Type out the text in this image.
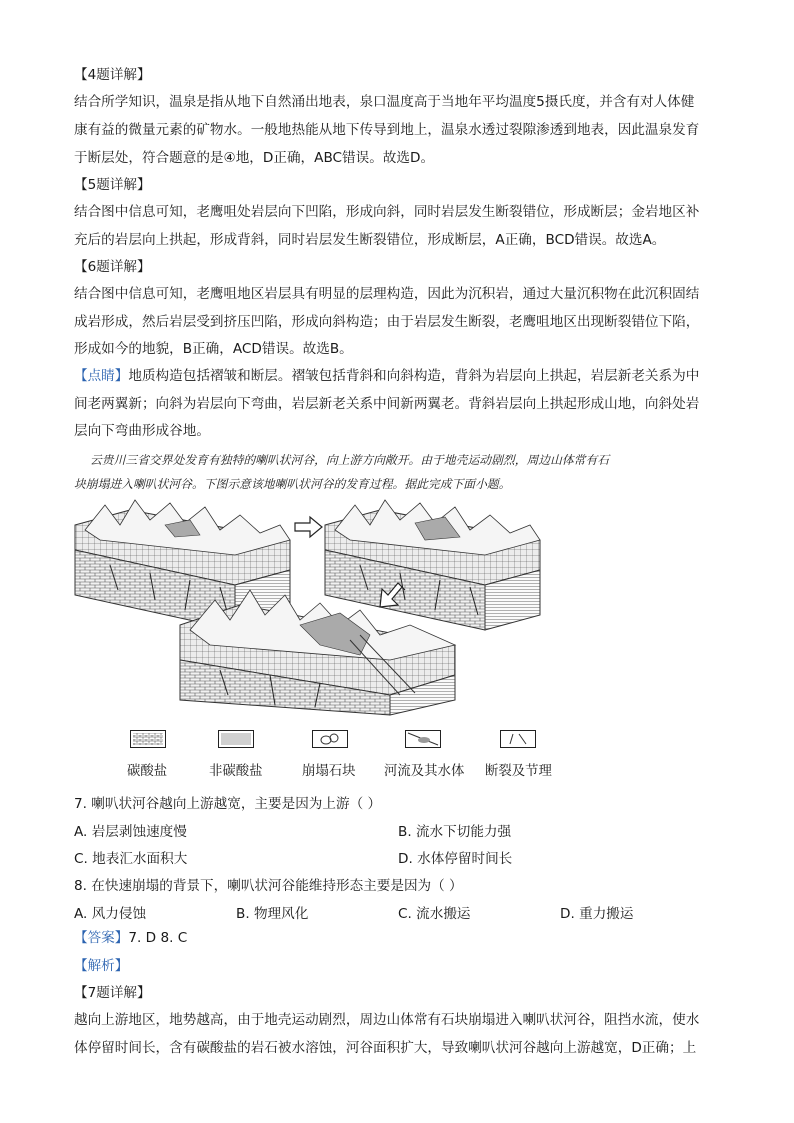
【4题详解】
结合所学知识，温泉是指从地下自然涌出地表，泉口温度高于当地年平均温度5摄氏度，并含有对人体健
康有益的微量元素的矿物水。一般地热能从地下传导到地上，温泉水透过裂隙渗透到地表，因此温泉发育
于断层处，符合题意的是④地，D正确，ABC错误。故选D。
【5题详解】
结合图中信息可知，老鹰咀处岩层向下凹陷，形成向斜，同时岩层发生断裂错位，形成断层；金岩地区补
充后的岩层向上拱起，形成背斜，同时岩层发生断裂错位，形成断层，A正确，BCD错误。故选A。
【6题详解】
结合图中信息可知，老鹰咀地区岩层具有明显的层理构造，因此为沉积岩，通过大量沉积物在此沉积固结
成岩形成，然后岩层受到挤压凹陷，形成向斜构造；由于岩层发生断裂，老鹰咀地区出现断裂错位下陷，
形成如今的地貌，B正确，ACD错误。故选B。
【点睛】地质构造包括褶皱和断层。褶皱包括背斜和向斜构造，背斜为岩层向上拱起，岩层新老关系为中
间老两翼新；向斜为岩层向下弯曲，岩层新老关系中间新两翼老。背斜岩层向上拱起形成山地，向斜处岩
层向下弯曲形成谷地。
云贵川三省交界处发育有独特的喇叭状河谷，向上游方向敞开。由于地壳运动剧烈，周边山体常有石
块崩塌进入喇叭状河谷。下图示意该地喇叭状河谷的发育过程。据此完成下面小题。
碳酸盐	非碳酸盐	崩塌石块 河流及其水体 断裂及节理
7. 喇叭状河谷越向上游越宽，主要是因为上游（ ）
A. 岩层剥蚀速度慢	B. 流水下切能力强
C. 地表汇水面积大	D. 水体停留时间长
8. 在快速崩塌的背景下，喇叭状河谷能维持形态主要是因为（ ）
A. 风力侵蚀	B. 物理风化	C. 流水搬运	D. 重力搬运
【答案】7. D 8. C
【解析】
【7题详解】
越向上游地区，地势越高，由于地壳运动剧烈，周边山体常有石块崩塌进入喇叭状河谷，阻挡水流，使水
体停留时间长，含有碳酸盐的岩石被水溶蚀，河谷面积扩大，导致喇叭状河谷越向上游越宽，D正确；上
